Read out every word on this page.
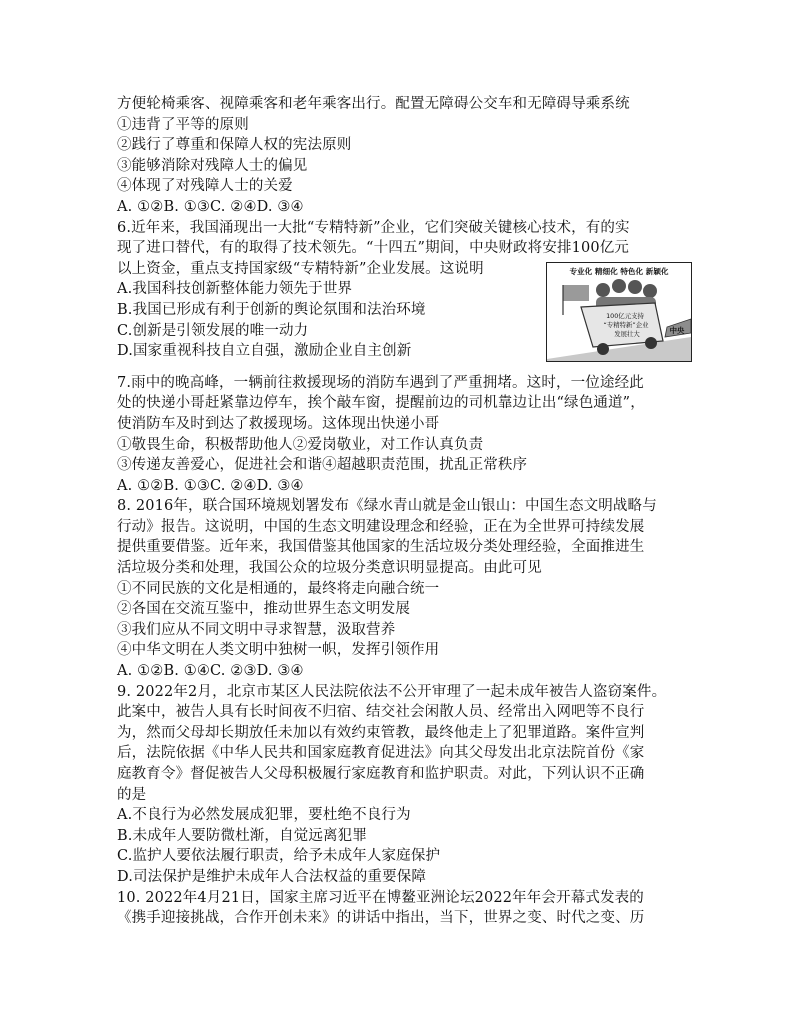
方便轮椅乘客、视障乘客和老年乘客出行。配置无障碍公交车和无障碍导乘系统
①违背了平等的原则
②践行了尊重和保障人权的宪法原则
③能够消除对残障人士的偏见
④体现了对残障人士的关爱
A. ①②B. ①③C. ②④D. ③④
6.近年来，我国涌现出一大批“专精特新”企业，它们突破关键核心技术，有的实
现了进口替代，有的取得了技术领先。“十四五”期间，中央财政将安排100亿元
以上资金，重点支持国家级“专精特新”企业发展。这说明
A.我国科技创新整体能力领先于世界
B.我国已形成有利于创新的舆论氛围和法治环境
C.创新是引领发展的唯一动力
D.国家重视科技自立自强，激励企业自主创新
7.雨中的晚高峰，一辆前往救援现场的消防车遇到了严重拥堵。这时，一位途经此
处的快递小哥赶紧靠边停车，挨个敲车窗，提醒前边的司机靠边让出“绿色通道”，
使消防车及时到达了救援现场。这体现出快递小哥
①敬畏生命，积极帮助他人②爱岗敬业，对工作认真负责
③传递友善爱心，促进社会和谐④超越职责范围，扰乱正常秩序
A. ①②B. ①③C. ②④D. ③④
8. 2016年，联合国环境规划署发布《绿水青山就是金山银山：中国生态文明战略与
行动》报告。这说明，中国的生态文明建设理念和经验，正在为全世界可持续发展
提供重要借鉴。近年来，我国借鉴其他国家的生活垃圾分类处理经验，全面推进生
活垃圾分类和处理，我国公众的垃圾分类意识明显提高。由此可见
①不同民族的文化是相通的，最终将走向融合统一
②各国在交流互鉴中，推动世界生态文明发展
③我们应从不同文明中寻求智慧，汲取营养
④中华文明在人类文明中独树一帜，发挥引领作用
A. ①②B. ①④C. ②③D. ③④
9. 2022年2月，北京市某区人民法院依法不公开审理了一起未成年被告人盗窃案件。
此案中，被告人具有长时间夜不归宿、结交社会闲散人员、经常出入网吧等不良行
为，然而父母却长期放任未加以有效约束管教，最终他走上了犯罪道路。案件宣判
后，法院依据《中华人民共和国家庭教育促进法》向其父母发出北京法院首份《家
庭教育令》督促被告人父母积极履行家庭教育和监护职责。对此，下列认识不正确
的是
A.不良行为必然发展成犯罪，要杜绝不良行为
B.未成年人要防微杜渐，自觉远离犯罪
C.监护人要依法履行职责，给予未成年人家庭保护
D.司法保护是维护未成年人合法权益的重要保障
10. 2022年4月21日，国家主席习近平在博鳌亚洲论坛2022年年会开幕式发表的
《携手迎接挑战，合作开创未来》的讲话中指出，当下，世界之变、时代之变、历
专业化 精细化 特色化 新颖化
100亿元支持
“专精特新”企业
发展壮大	中央
